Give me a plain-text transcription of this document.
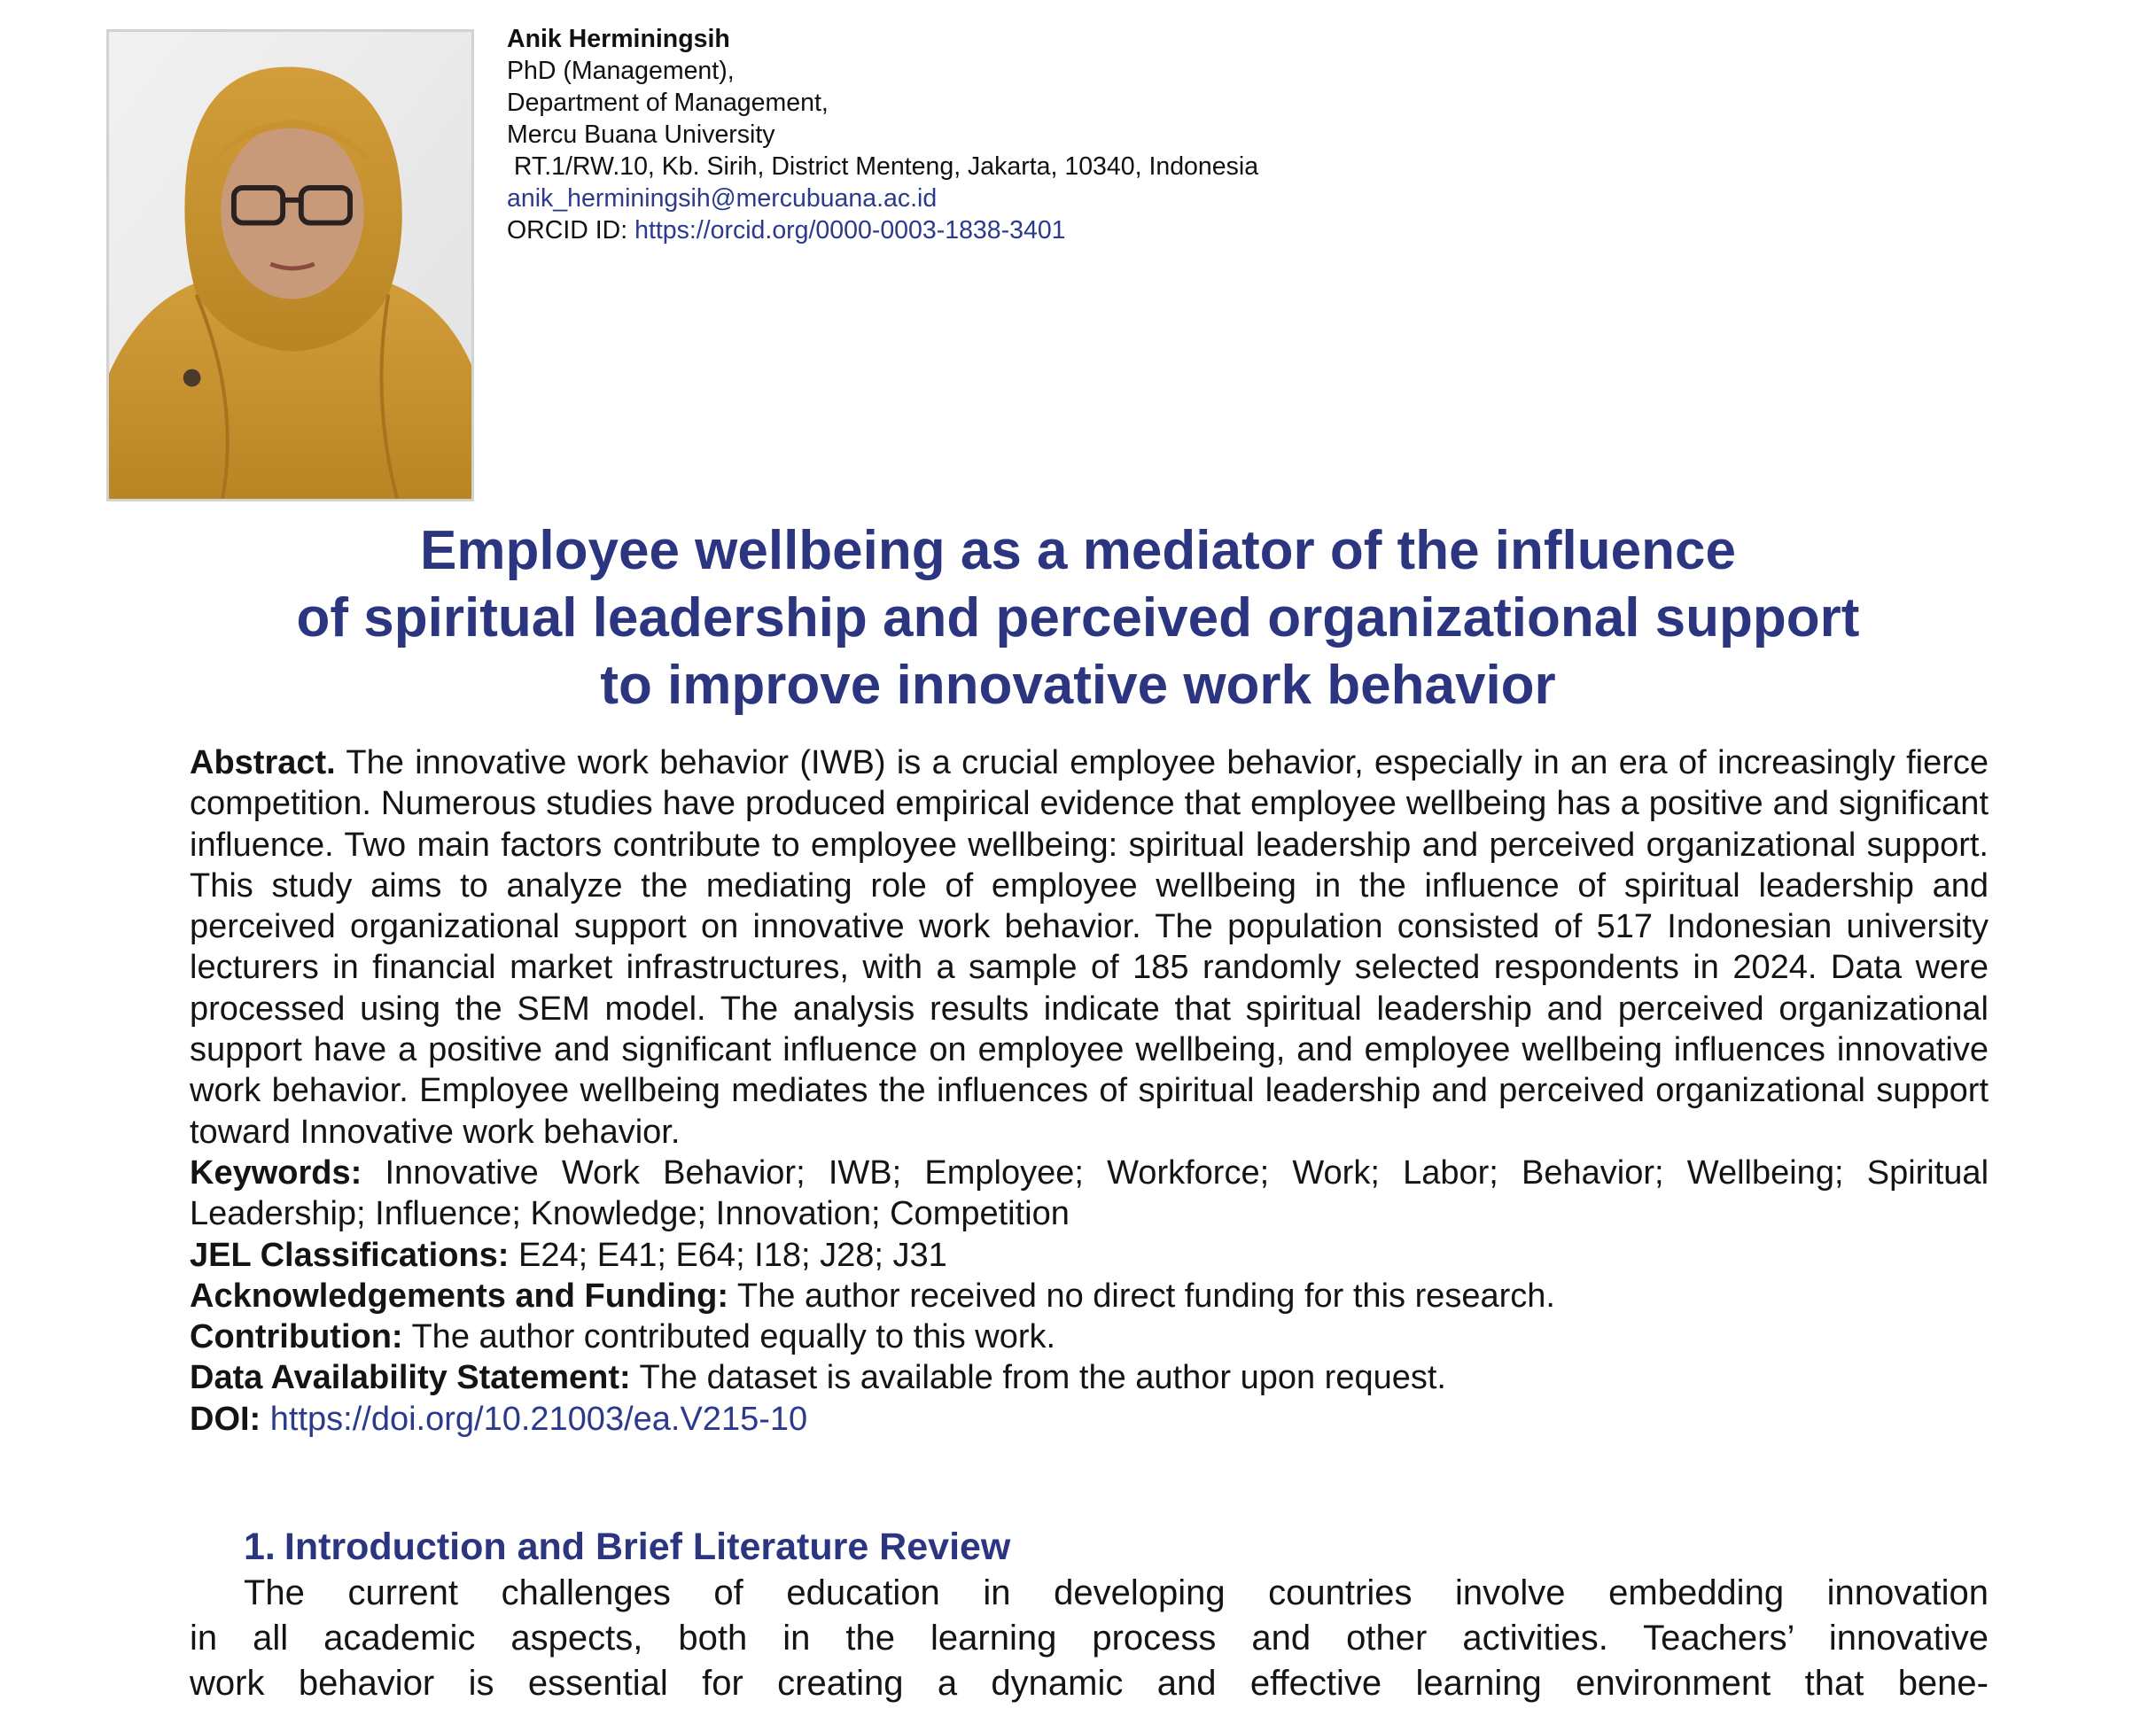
Anik Herminingsih
PhD (Management),
Department of Management,
Mercu Buana University
RT.1/RW.10, Kb. Sirih, District Menteng, Jakarta, 10340, Indonesia
anik_herminingsih@mercubuana.ac.id
ORCID ID: https://orcid.org/0000-0003-1838-3401
Employee wellbeing as a mediator of the influence
of spiritual leadership and perceived organizational support
to improve innovative work behavior

Abstract. The innovative work behavior (IWB) is a crucial employee behavior, especially in an era of increasingly fierce competition. Numerous studies have produced empirical evidence that employee wellbeing has a positive and significant influence. Two main factors contribute to employee wellbeing: spiritual leadership and perceived organizational support. This study aims to analyze the mediating role of employee wellbeing in the influence of spiritual leadership and perceived organizational support on innovative work behavior. The population consisted of 517 Indonesian university lecturers in financial market infrastructures, with a sample of 185 randomly selected respondents in 2024. Data were processed using the SEM model. The analysis results indicate that spiritual leadership and perceived organizational support have a positive and significant influence on employee wellbeing, and employee wellbeing influences innovative work behavior. Employee wellbeing mediates the influences of spiritual leadership and perceived organizational support toward Innovative work behavior.

Keywords: Innovative Work Behavior; IWB; Employee; Workforce; Work; Labor; Behavior; Wellbeing; Spiritual Leadership; Influence; Knowledge; Innovation; Competition

JEL Classifications: E24; E41; E64; I18; J28; J31

Acknowledgements and Funding: The author received no direct funding for this research.

Contribution: The author contributed equally to this work.

Data Availability Statement: The dataset is available from the author upon request.

DOI: https://doi.org/10.21003/ea.V215-10

1. Introduction and Brief Literature Review
The current challenges of education in developing countries involve embedding innovation
in all academic aspects, both in the learning process and other activities. Teachers’ innovative
work behavior is essential for creating a dynamic and effective learning environment that bene-
